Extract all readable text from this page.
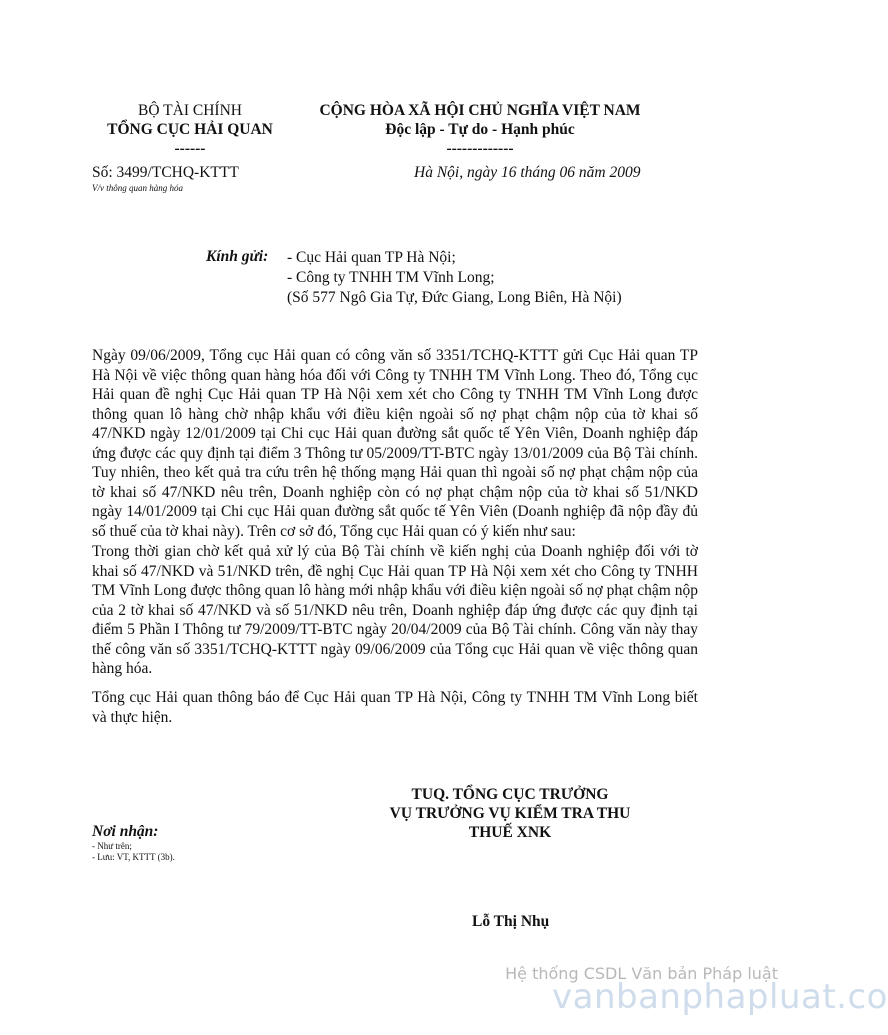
BỘ TÀI CHÍNH
TỔNG CỤC HẢI QUAN
------
CỘNG HÒA XÃ HỘI CHỦ NGHĨA VIỆT NAM
Độc lập - Tự do - Hạnh phúc
-------------
Số: 3499/TCHQ-KTTT
V/v thông quan hàng hóa
Hà Nội, ngày 16 tháng 06 năm 2009
Kính gửi: - Cục Hải quan TP Hà Nội;
- Công ty TNHH TM Vĩnh Long;
(Số 577 Ngô Gia Tự, Đức Giang, Long Biên, Hà Nội)
Ngày 09/06/2009, Tổng cục Hải quan có công văn số 3351/TCHQ-KTTT gửi Cục Hải quan TP Hà Nội về việc thông quan hàng hóa đối với Công ty TNHH TM Vĩnh Long. Theo đó, Tổng cục Hải quan đề nghị Cục Hải quan TP Hà Nội xem xét cho Công ty TNHH TM Vĩnh Long được thông quan lô hàng chờ nhập khẩu với điều kiện ngoài số nợ phạt chậm nộp của tờ khai số 47/NKD ngày 12/01/2009 tại Chi cục Hải quan đường sắt quốc tế Yên Viên, Doanh nghiệp đáp ứng được các quy định tại điểm 3 Thông tư 05/2009/TT-BTC ngày 13/01/2009 của Bộ Tài chính. Tuy nhiên, theo kết quả tra cứu trên hệ thống mạng Hải quan thì ngoài số nợ phạt chậm nộp của tờ khai số 47/NKD nêu trên, Doanh nghiệp còn có nợ phạt chậm nộp của tờ khai số 51/NKD ngày 14/01/2009 tại Chi cục Hải quan đường sắt quốc tế Yên Viên (Doanh nghiệp đã nộp đầy đủ số thuế của tờ khai này). Trên cơ sở đó, Tổng cục Hải quan có ý kiến như sau:
Trong thời gian chờ kết quả xử lý của Bộ Tài chính về kiến nghị của Doanh nghiệp đối với tờ khai số 47/NKD và 51/NKD trên, đề nghị Cục Hải quan TP Hà Nội xem xét cho Công ty TNHH TM Vĩnh Long được thông quan lô hàng mới nhập khẩu với điều kiện ngoài số nợ phạt chậm nộp của 2 tờ khai số 47/NKD và số 51/NKD nêu trên, Doanh nghiệp đáp ứng được các quy định tại điểm 5 Phần I Thông tư 79/2009/TT-BTC ngày 20/04/2009 của Bộ Tài chính. Công văn này thay thế công văn số 3351/TCHQ-KTTT ngày 09/06/2009 của Tổng cục Hải quan về việc thông quan hàng hóa.
Tổng cục Hải quan thông báo để Cục Hải quan TP Hà Nội, Công ty TNHH TM Vĩnh Long biết và thực hiện.
TUQ. TỔNG CỤC TRƯỞNG
VỤ TRƯỞNG VỤ KIỂM TRA THU
THUẾ XNK
Nơi nhận:
- Như trên;
- Lưu: VT, KTTT (3b).
Lỗ Thị Nhụ
Hệ thống CSDL Văn bản Pháp luật
vanbanphapluat.co
